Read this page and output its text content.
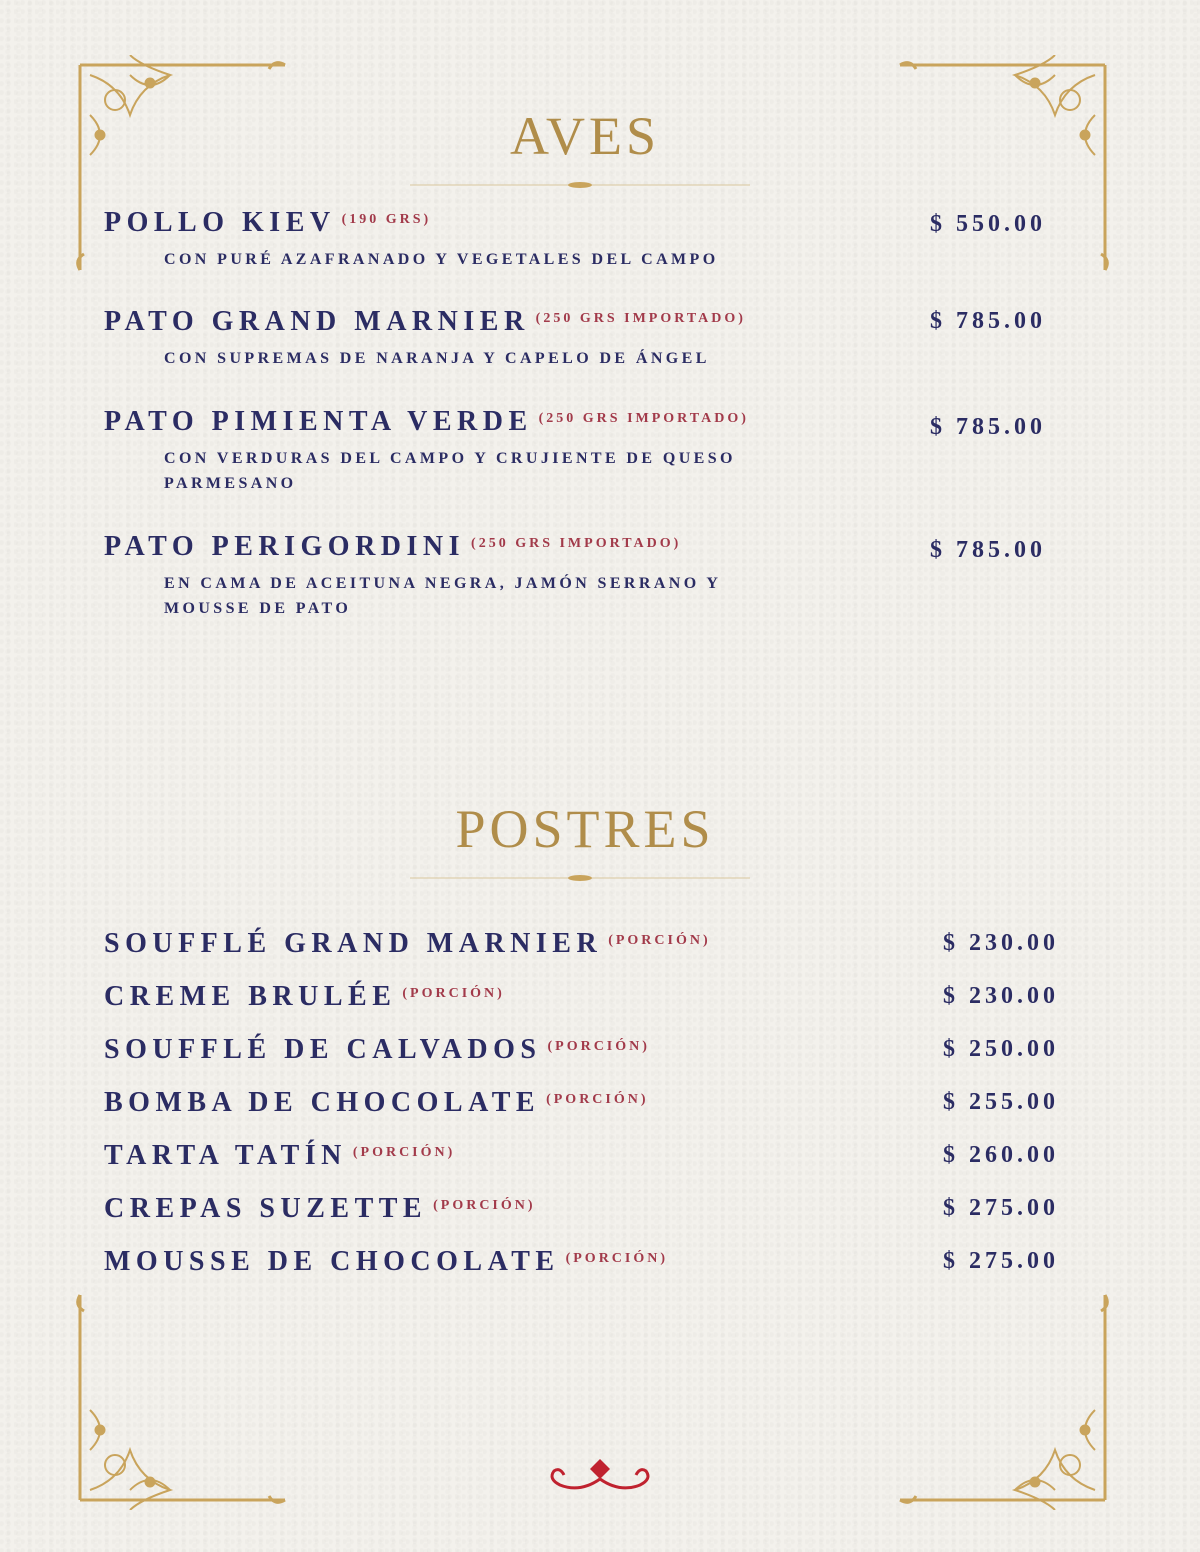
AVES
POLLO KIEV (190 GRS)
CON PURÉ AZAFRANADO Y VEGETALES DEL CAMPO
$ 550.00
PATO GRAND MARNIER (250 GRS IMPORTADO)
CON SUPREMAS DE NARANJA Y CAPELO DE ÁNGEL
$ 785.00
PATO PIMIENTA VERDE (250 GRS IMPORTADO)
CON VERDURAS DEL CAMPO Y CRUJIENTE DE QUESO PARMESANO
$ 785.00
PATO PERIGORDINI (250 GRS IMPORTADO)
EN CAMA DE ACEITUNA NEGRA, JAMÓN SERRANO Y MOUSSE DE PATO
$ 785.00
POSTRES
SOUFFLÉ GRAND MARNIER (PORCIÓN)	$ 230.00
CREME BRULÉE (PORCIÓN)	$ 230.00
SOUFFLÉ DE CALVADOS (PORCIÓN)	$ 250.00
BOMBA DE CHOCOLATE (PORCIÓN)	$ 255.00
TARTA TATÍN (PORCIÓN)	$ 260.00
CREPAS SUZETTE (PORCIÓN)	$ 275.00
MOUSSE DE CHOCOLATE (PORCIÓN)	$ 275.00
